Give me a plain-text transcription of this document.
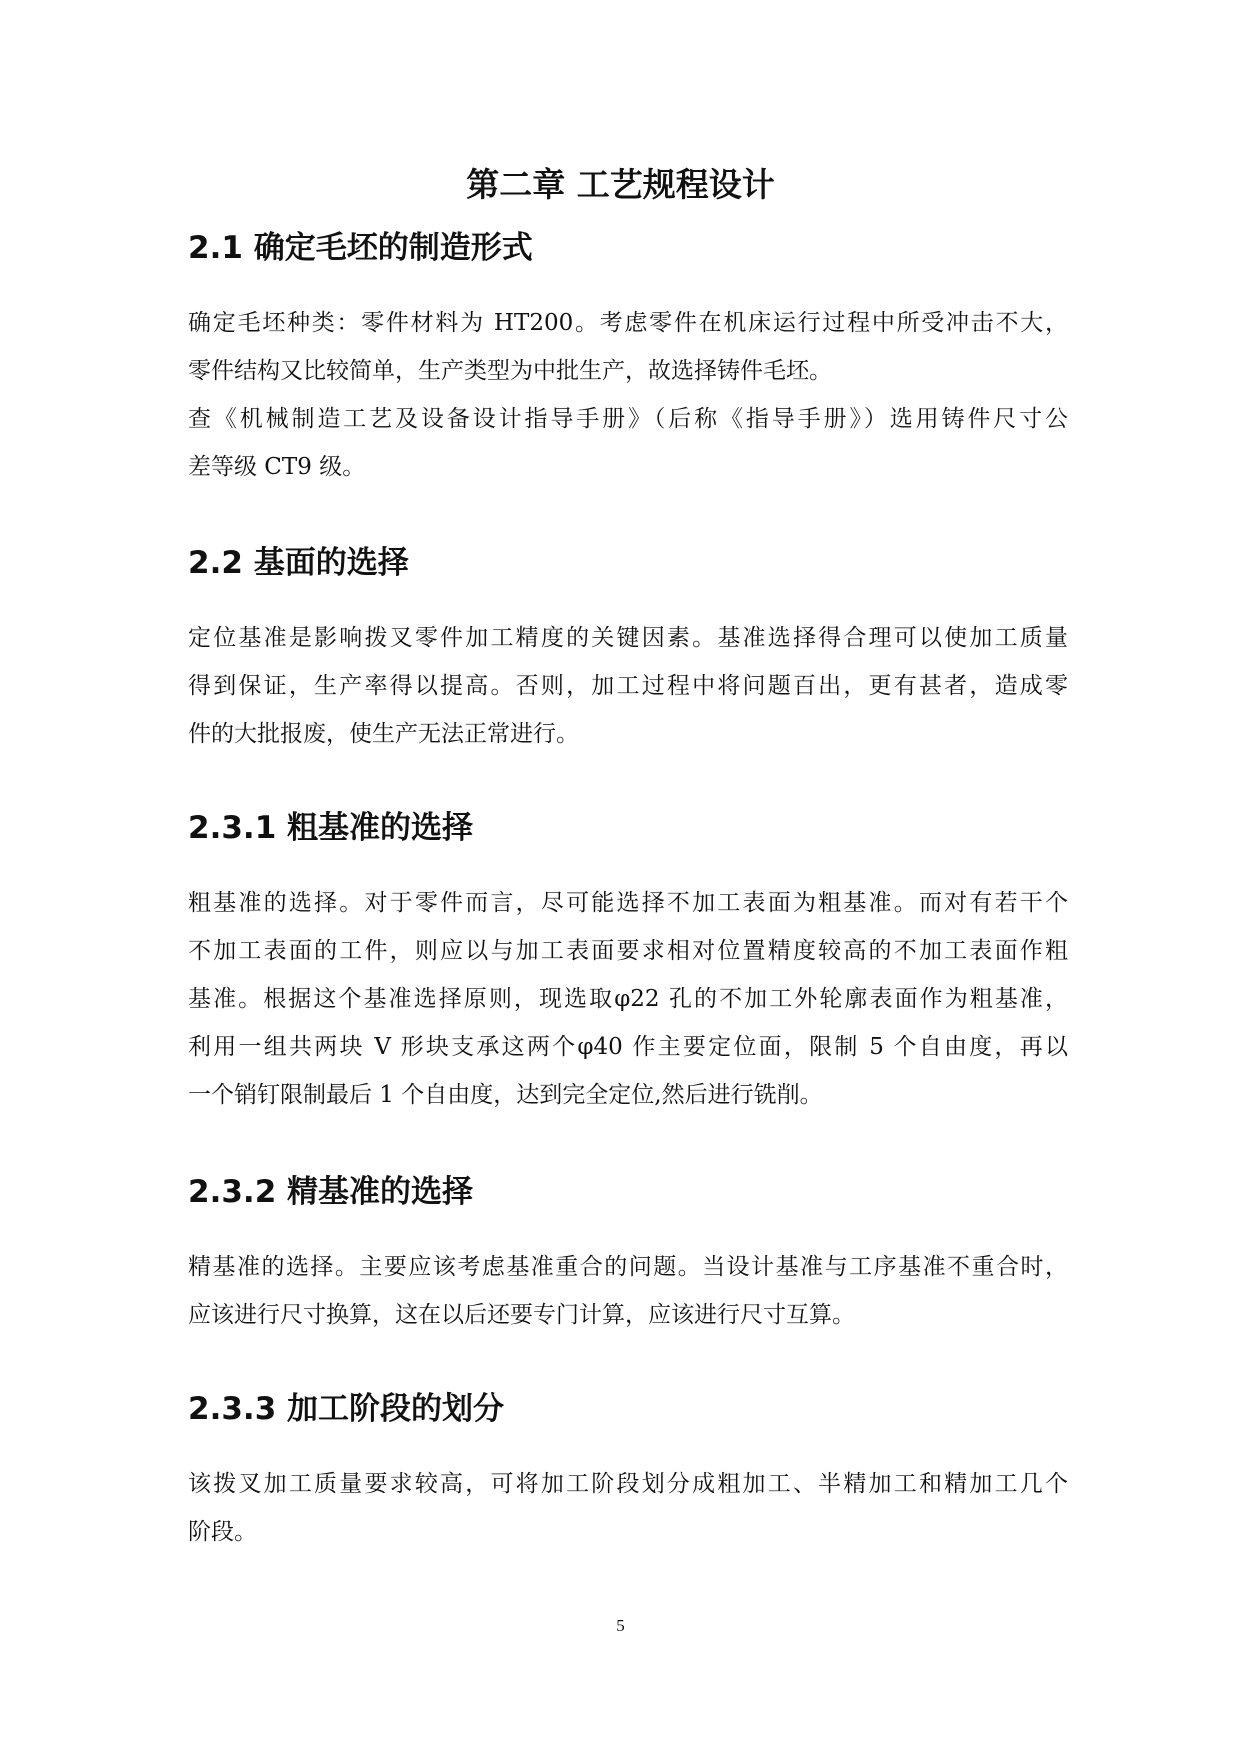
第二章 工艺规程设计
2.1 确定毛坯的制造形式
确定毛坯种类：零件材料为 HT200。考虑零件在机床运行过程中所受冲击不大，
零件结构又比较简单，生产类型为中批生产，故选择铸件毛坯。
查《机械制造工艺及设备设计指导手册》（后称《指导手册》）选用铸件尺寸公
差等级 CT9 级。
2.2 基面的选择
定位基准是影响拨叉零件加工精度的关键因素。基准选择得合理可以使加工质量
得到保证，生产率得以提高。否则，加工过程中将问题百出，更有甚者，造成零
件的大批报废，使生产无法正常进行。
2.3.1 粗基准的选择
粗基准的选择。对于零件而言，尽可能选择不加工表面为粗基准。而对有若干个
不加工表面的工件，则应以与加工表面要求相对位置精度较高的不加工表面作粗
基准。根据这个基准选择原则，现选取φ22 孔的不加工外轮廓表面作为粗基准，
利用一组共两块 V 形块支承这两个φ40 作主要定位面，限制 5 个自由度，再以
一个销钉限制最后 1 个自由度，达到完全定位,然后进行铣削。
2.3.2 精基准的选择
精基准的选择。主要应该考虑基准重合的问题。当设计基准与工序基准不重合时，
应该进行尺寸换算，这在以后还要专门计算，应该进行尺寸互算。
2.3.3 加工阶段的划分
该拨叉加工质量要求较高，可将加工阶段划分成粗加工、半精加工和精加工几个
阶段。
5
